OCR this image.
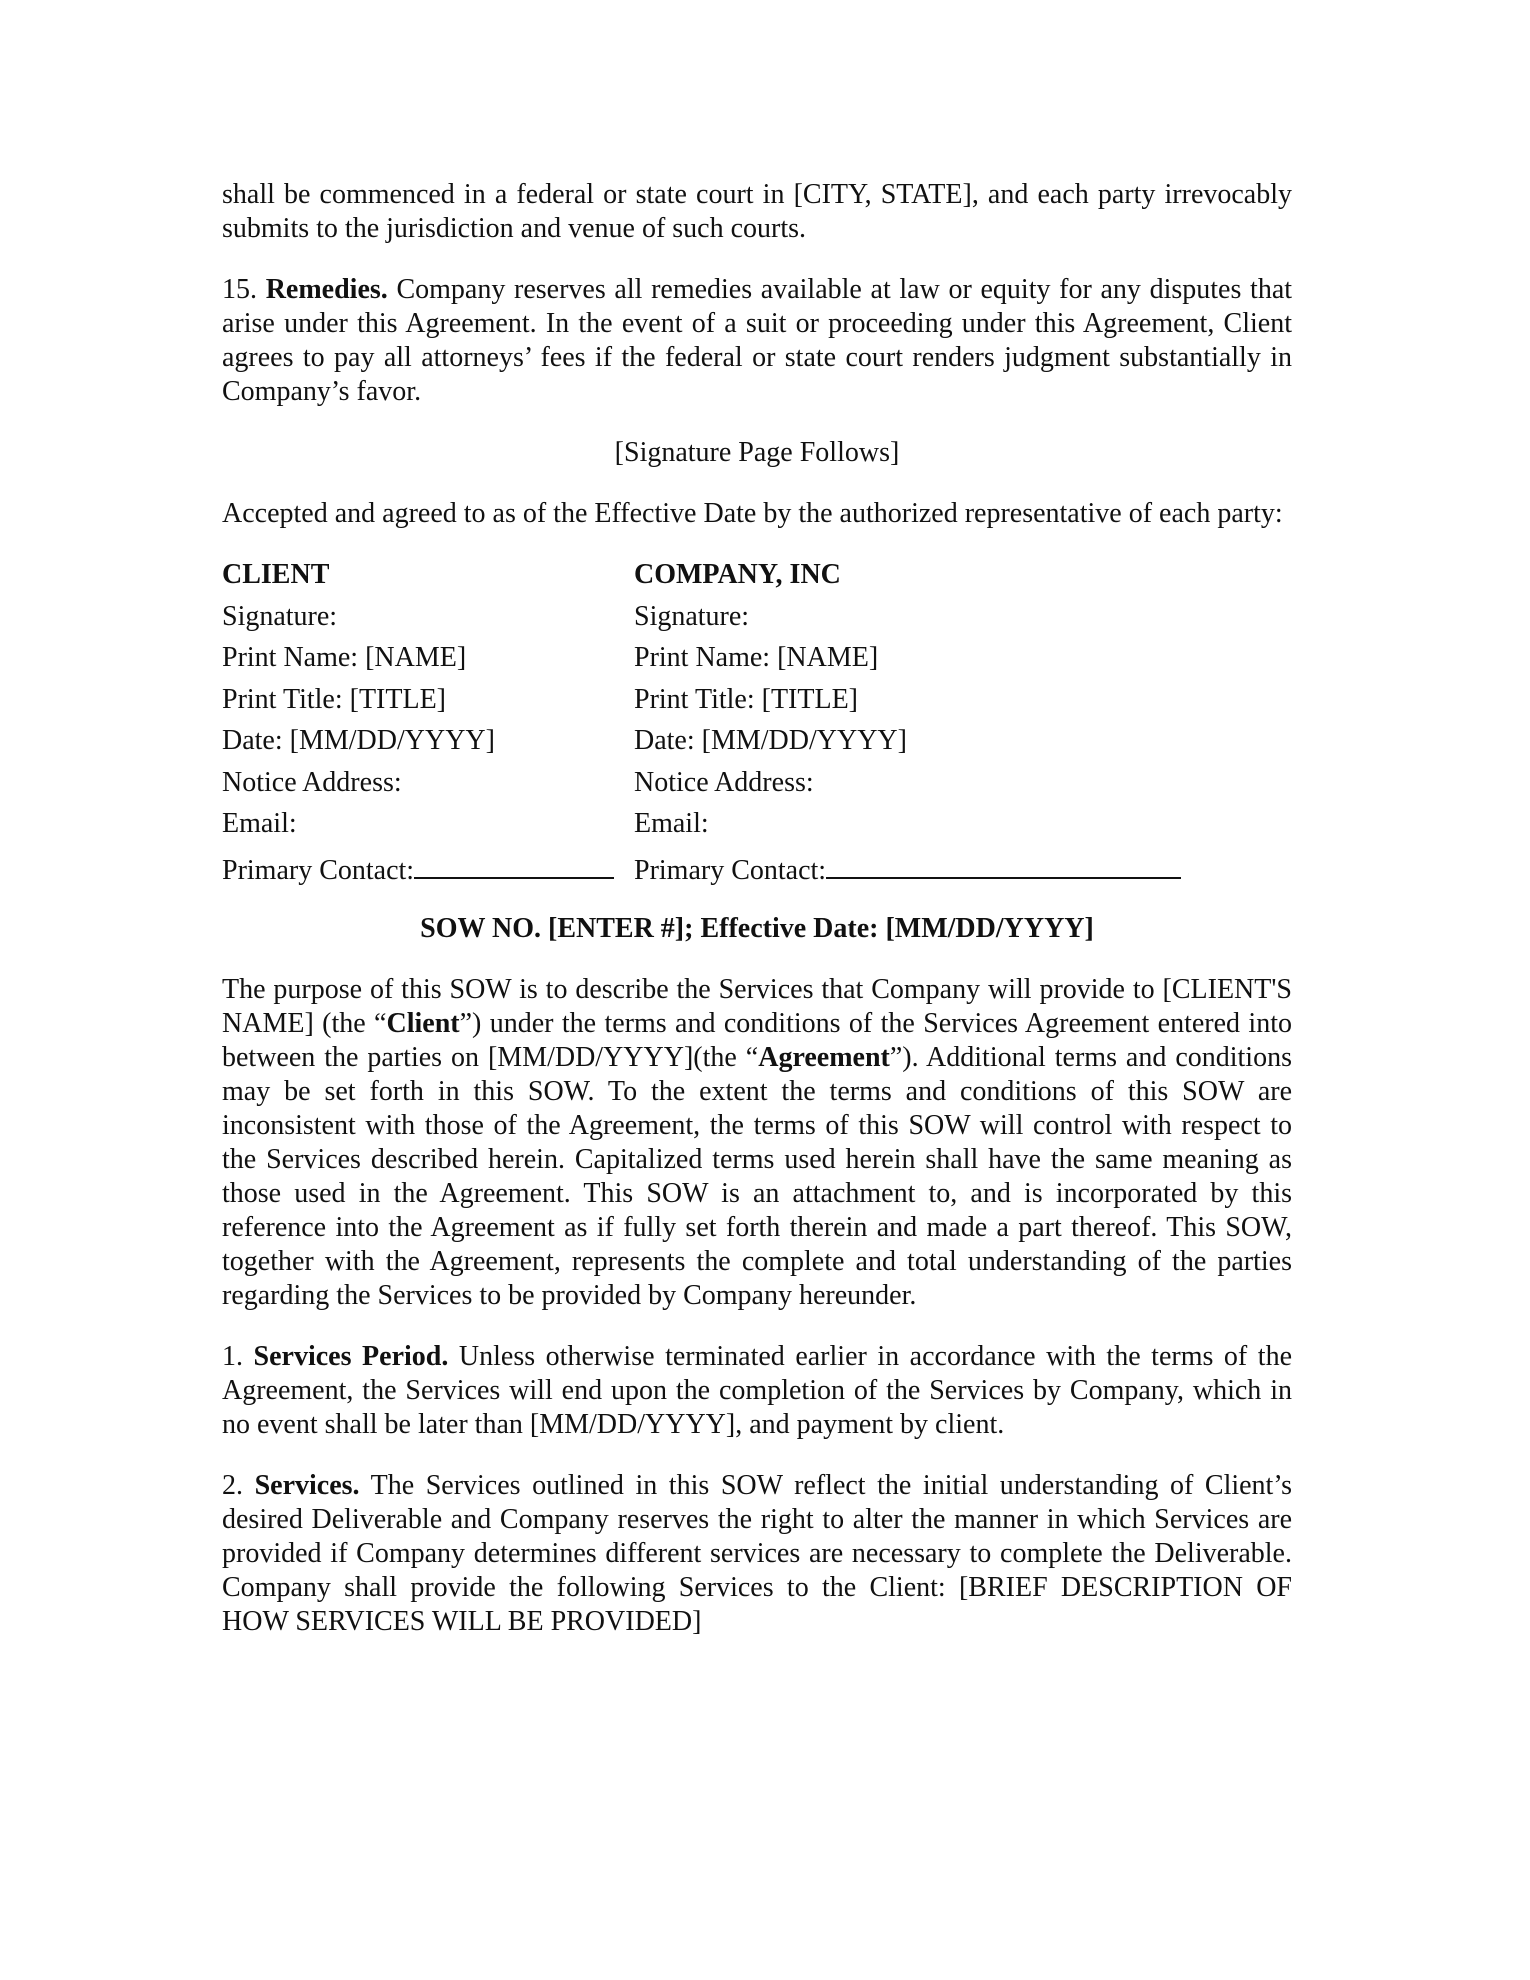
shall be commenced in a federal or state court in [CITY, STATE], and each party irrevocably submits to the jurisdiction and venue of such courts.

15. Remedies. Company reserves all remedies available at law or equity for any disputes that arise under this Agreement. In the event of a suit or proceeding under this Agreement, Client agrees to pay all attorneys’ fees if the federal or state court renders judgment substantially in Company’s favor.

[Signature Page Follows]

Accepted and agreed to as of the Effective Date by the authorized representative of each party:

CLIENT	COMPANY, INC
Signature:	Signature:
Print Name: [NAME]	Print Name: [NAME]
Print Title: [TITLE]	Print Title: [TITLE]
Date: [MM/DD/YYYY]	Date: [MM/DD/YYYY]
Notice Address:	Notice Address:
Email:	Email:
Primary Contact:	Primary Contact:

SOW NO. [ENTER #]; Effective Date: [MM/DD/YYYY]

The purpose of this SOW is to describe the Services that Company will provide to [CLIENT'S NAME] (the “Client”) under the terms and conditions of the Services Agreement entered into between the parties on [MM/DD/YYYY](the “Agreement”). Additional terms and conditions may be set forth in this SOW. To the extent the terms and conditions of this SOW are inconsistent with those of the Agreement, the terms of this SOW will control with respect to the Services described herein. Capitalized terms used herein shall have the same meaning as those used in the Agreement. This SOW is an attachment to, and is incorporated by this reference into the Agreement as if fully set forth therein and made a part thereof. This SOW, together with the Agreement, represents the complete and total understanding of the parties regarding the Services to be provided by Company hereunder.

1. Services Period. Unless otherwise terminated earlier in accordance with the terms of the Agreement, the Services will end upon the completion of the Services by Company, which in no event shall be later than [MM/DD/YYYY], and payment by client.

2. Services. The Services outlined in this SOW reflect the initial understanding of Client’s desired Deliverable and Company reserves the right to alter the manner in which Services are provided if Company determines different services are necessary to complete the Deliverable. Company shall provide the following Services to the Client: [BRIEF DESCRIPTION OF HOW SERVICES WILL BE PROVIDED]
